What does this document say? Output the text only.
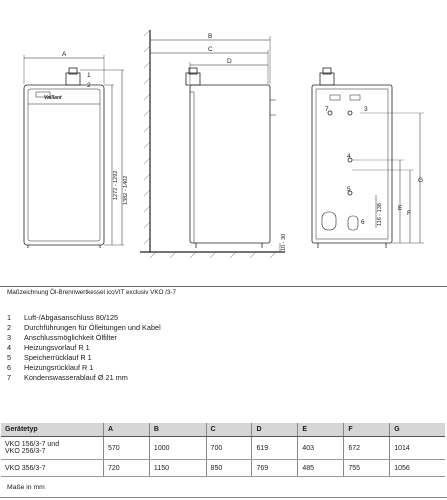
A
B
C
D
E
F
G
Vaillant
1272 - 1292 1382 - 1402
10 - 30
116 - 138
1
2
3
4
5
6
7
Maßzeichnung Öl-Brennwertkessel icoVIT exclusiv VKO /3-7
1	Luft-/Abgasanschluss 80/125
2	Durchführungen für Ölleitungen und Kabel
3	Anschlussmöglichkeit Ölfilter
4	Heizungsvorlauf R 1
5	Speicherrücklauf R 1
6	Heizungsrücklauf R 1
7	Kondenswasserablauf Ø 21 mm
Gerätetyp	A	B	C	D	E	F	G

VKO 156/3-7 und
VKO 256/3-7	570	1000	700	619	403	672	1014
VKO 356/3-7	720	1150	850	769	485	755	1056
Maße in mm
